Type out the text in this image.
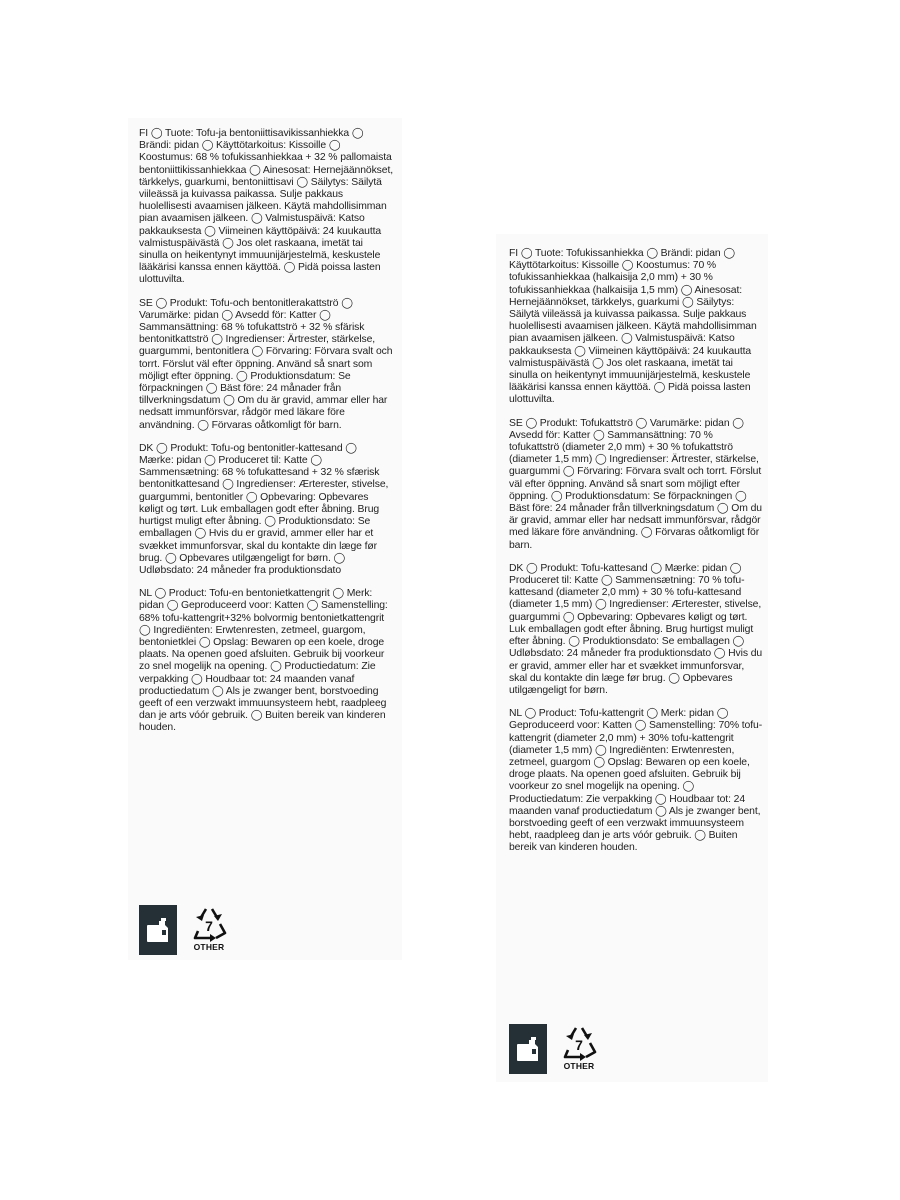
FI ◯ Tuote: Tofu-ja bentoniittisavikissanhiekka ◯ Brändi: pidan ◯ Käyttötarkoitus: Kissoille ◯ Koostumus: 68 % tofukissanhiekkaa + 32 % pallomaista bentoniittikissanhiekkaa ◯ Ainesosat: Hernejäännökset, tärkkelys, guarkumi, bentoniittisavi ◯ Säilytys: Säilytä viileässä ja kuivassa paikassa. Sulje pakkaus huolellisesti avaamisen jälkeen. Käytä mahdollisimman pian avaamisen jälkeen. ◯ Valmistuspäivä: Katso pakkauksesta ◯ Viimeinen käyttöpäivä: 24 kuukautta valmistuspäivästä ◯ Jos olet raskaana, imetät tai sinulla on heikentynyt immuunijärjestelmä, keskustele lääkärisi kanssa ennen käyttöä. ◯ Pidä poissa lasten ulottuvilta.

SE ◯ Produkt: Tofu-och bentonitlerakattströ ◯ Varumärke: pidan ◯ Avsedd för: Katter ◯ Sammansättning: 68 % tofukattströ + 32 % sfärisk bentonitkattströ ◯ Ingredienser: Ärtrester, stärkelse, guargummi, bentonitlera ◯ Förvaring: Förvara svalt och torrt. Förslut väl efter öppning. Använd så snart som möjligt efter öppning. ◯ Produktionsdatum: Se förpackningen ◯ Bäst före: 24 månader från tillverkningsdatum ◯ Om du är gravid, ammar eller har nedsatt immunförsvar, rådgör med läkare före användning. ◯ Förvaras oåtkomligt för barn.

DK ◯ Produkt: Tofu-og bentonitler-kattesand ◯ Mærke: pidan ◯ Produceret til: Katte ◯ Sammensætning: 68 % tofukattesand + 32 % sfærisk bentonitkattesand ◯ Ingredienser: Ærterester, stivelse, guargummi, bentonitler ◯ Opbevaring: Opbevares køligt og tørt. Luk emballagen godt efter åbning. Brug hurtigst muligt efter åbning. ◯ Produktionsdato: Se emballagen ◯ Hvis du er gravid, ammer eller har et svækket immunforsvar, skal du kontakte din læge før brug. ◯ Opbevares utilgængeligt for børn. ◯ Udløbsdato: 24 måneder fra produktionsdato

NL ◯ Product: Tofu-en bentonietkattengrit ◯ Merk: pidan ◯ Geproduceerd voor: Katten ◯ Samenstelling: 68% tofu-kattengrit+32% bolvormig bentonietkattengrit ◯ Ingrediënten: Erwtenresten, zetmeel, guargom, bentonietklei ◯ Opslag: Bewaren op een koele, droge plaats. Na openen goed afsluiten. Gebruik bij voorkeur zo snel mogelijk na opening. ◯ Productiedatum: Zie verpakking ◯ Houdbaar tot: 24 maanden vanaf productiedatum ◯ Als je zwanger bent, borstvoeding geeft of een verzwakt immuunsysteem hebt, raadpleeg dan je arts vóór gebruik. ◯ Buiten bereik van kinderen houden.

7
OTHER

FI ◯ Tuote: Tofukissanhiekka ◯ Brändi: pidan ◯ Käyttötarkoitus: Kissoille ◯ Koostumus: 70 % tofukissanhiekkaa (halkaisija 2,0 mm) + 30 % tofukissanhiekkaa (halkaisija 1,5 mm) ◯ Ainesosat: Hernejäännökset, tärkkelys, guarkumi ◯ Säilytys: Säilytä viileässä ja kuivassa paikassa. Sulje pakkaus huolellisesti avaamisen jälkeen. Käytä mahdollisimman pian avaamisen jälkeen. ◯ Valmistuspäivä: Katso pakkauksesta ◯ Viimeinen käyttöpäivä: 24 kuukautta valmistuspäivästä ◯ Jos olet raskaana, imetät tai sinulla on heikentynyt immuunijärjestelmä, keskustele lääkärisi kanssa ennen käyttöä. ◯ Pidä poissa lasten ulottuvilta.

SE ◯ Produkt: Tofukattströ ◯ Varumärke: pidan ◯ Avsedd för: Katter ◯ Sammansättning: 70 % tofukattströ (diameter 2,0 mm) + 30 % tofukattströ (diameter 1,5 mm) ◯ Ingredienser: Ärtrester, stärkelse, guargummi ◯ Förvaring: Förvara svalt och torrt. Förslut väl efter öppning. Använd så snart som möjligt efter öppning. ◯ Produktionsdatum: Se förpackningen ◯ Bäst före: 24 månader från tillverkningsdatum ◯ Om du är gravid, ammar eller har nedsatt immunförsvar, rådgör med läkare före användning. ◯ Förvaras oåtkomligt för barn.

DK ◯ Produkt: Tofu-kattesand ◯ Mærke: pidan ◯ Produceret til: Katte ◯ Sammensætning: 70 % tofu-kattesand (diameter 2,0 mm) + 30 % tofu-kattesand (diameter 1,5 mm) ◯ Ingredienser: Ærterester, stivelse, guargummi ◯ Opbevaring: Opbevares køligt og tørt. Luk emballagen godt efter åbning. Brug hurtigst muligt efter åbning. ◯ Produktionsdato: Se emballagen ◯ Udløbsdato: 24 måneder fra produktionsdato ◯ Hvis du er gravid, ammer eller har et svækket immunforsvar, skal du kontakte din læge før brug. ◯ Opbevares utilgængeligt for børn.

NL ◯ Product: Tofu-kattengrit ◯ Merk: pidan ◯ Geproduceerd voor: Katten ◯ Samenstelling: 70% tofu-kattengrit (diameter 2,0 mm) + 30% tofu-kattengrit (diameter 1,5 mm) ◯ Ingrediënten: Erwtenresten, zetmeel, guargom ◯ Opslag: Bewaren op een koele, droge plaats. Na openen goed afsluiten. Gebruik bij voorkeur zo snel mogelijk na opening. ◯ Productiedatum: Zie verpakking ◯ Houdbaar tot: 24 maanden vanaf productiedatum ◯ Als je zwanger bent, borstvoeding geeft of een verzwakt immuunsysteem hebt, raadpleeg dan je arts vóór gebruik. ◯ Buiten bereik van kinderen houden.

7
OTHER
